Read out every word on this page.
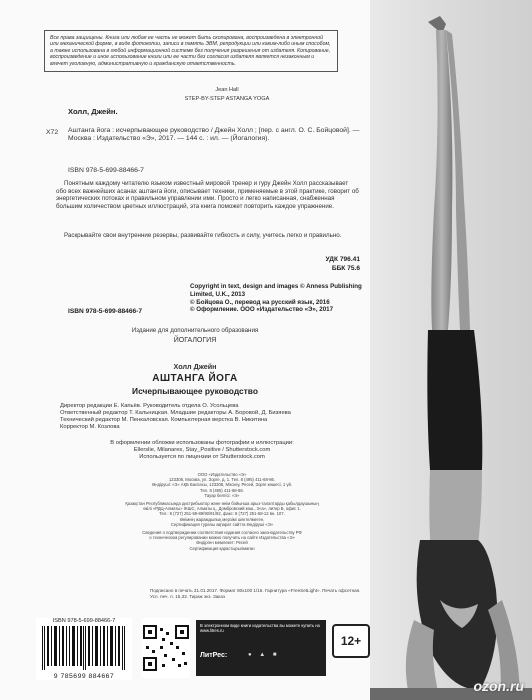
Все права защищены. Книга или любая ее часть не может быть скопирована, воспроизведена в электронной или механической форме, в виде фотокопии, записи в память ЭВМ, репродукции или каким-либо иным способом, а также использована в любой информационной системе без получения разрешения от издателя. Копирование, воспроизведение и иное использование книги или ее части без согласия издателя является незаконным и влечет уголовную, административную и гражданскую ответственность.
Jean Hall
STEP-BY-STEP ASTANGA YOGA
Холл, Джейн.
Х72 Аштанга йога : исчерпывающее руководство / Джейн Холл ; [пер. с англ. О. С. Бойцовой]. — Москва : Издательство «Э», 2017. — 144 с. : ил. — (Йогалогия).
ISBN 978-5-699-88466-7
Понятным каждому читателю языком известный мировой тренер и гуру Джейн Холл рассказывает обо всех важнейших асанах аштанга йоги, описывает техники, применяемые в этой практике, говорит об энергетических потоках и правильном управлении ими. Просто и легко написанная, снабженная большим количеством цветных иллюстраций, эта книга поможет повторить каждое упражнение.
Раскрывайте свои внутренние резервы, развивайте гибкость и силу, учитесь легко и правильно.
УДК 796.41
ББК 75.6
Copyright in text, design and images © Anness Publishing Limited, U.K., 2013
© Бойцова О., перевод на русский язык, 2016
© Оформление. ООО «Издательство «Э», 2017
ISBN 978-5-699-88466-7
Издание для дополнительного образования
ЙОГАЛОГИЯ
Холл Джейн
АШТАНГА ЙОГА
Исчерпывающее руководство
Директор редакции Е. Капьёв. Руководитель отдела О. Усольцева
Ответственный редактор Т. Кальницкая. Младшие редакторы А. Боровой, Д. Бизяева
Технический редактор М. Пенкаловская. Компьютерная верстка В. Никитина
Корректор М. Козлова
В оформлении обложки использованы фотографии и иллюстрации:
Ellerslie, Milanares, Stay_Positive / Shutterstock.com
Используется по лицензии от Shutterstock.com
ООО «Издательство «Э»
123308, Москва, ул. Зорге, д. 1. Тел. 8 (495) 411-68-86.
Өндіруші: «Э» АҚБ Баспасы, 123308, Мәскеу, Ресей, Зорге көшесі, 1 үй.
Тел. 8 (495) 411-68-86.
Тауар белгісі: «Э»
Қазақстан Республикасында дистрибьютор және өнім бойынша арыз-талаптарды қабылдаушының
өкілі «РДЦ-Алматы» ЖШС, Алматы қ., Домбровский көш., 3«а», литер Б, офис 1.
Тел.: 8 (727) 251-59-89/90/91/92, факс: 8 (727) 251-58-12 вн. 107.
Өнімнің жарамдылық мерзімі шектелмеген.
Сертификация туралы ақпарат сайтта Өндіруші «Э»
Сведения о подтверждении соответствия издания согласно законодательству РФ
о техническом регулировании можно получить на сайте Издательства «Э»
Өндірген мемлекет: Ресей
Сертификация қарастырылмаған
Подписано в печать 31.01.2017. Формат 80x100 1/16. Гарнитура «FreeSetLight». Печать офсетная.
Усл. печ. л. 15,33. Тираж экз. Заказ
ISBN 978-5-699-88466-7
9 785699 884667
В электронном виде книги издательства вы можете купить на www.litres.ru
ЛитРес:	● ▲ ■
12+
ozon.ru
